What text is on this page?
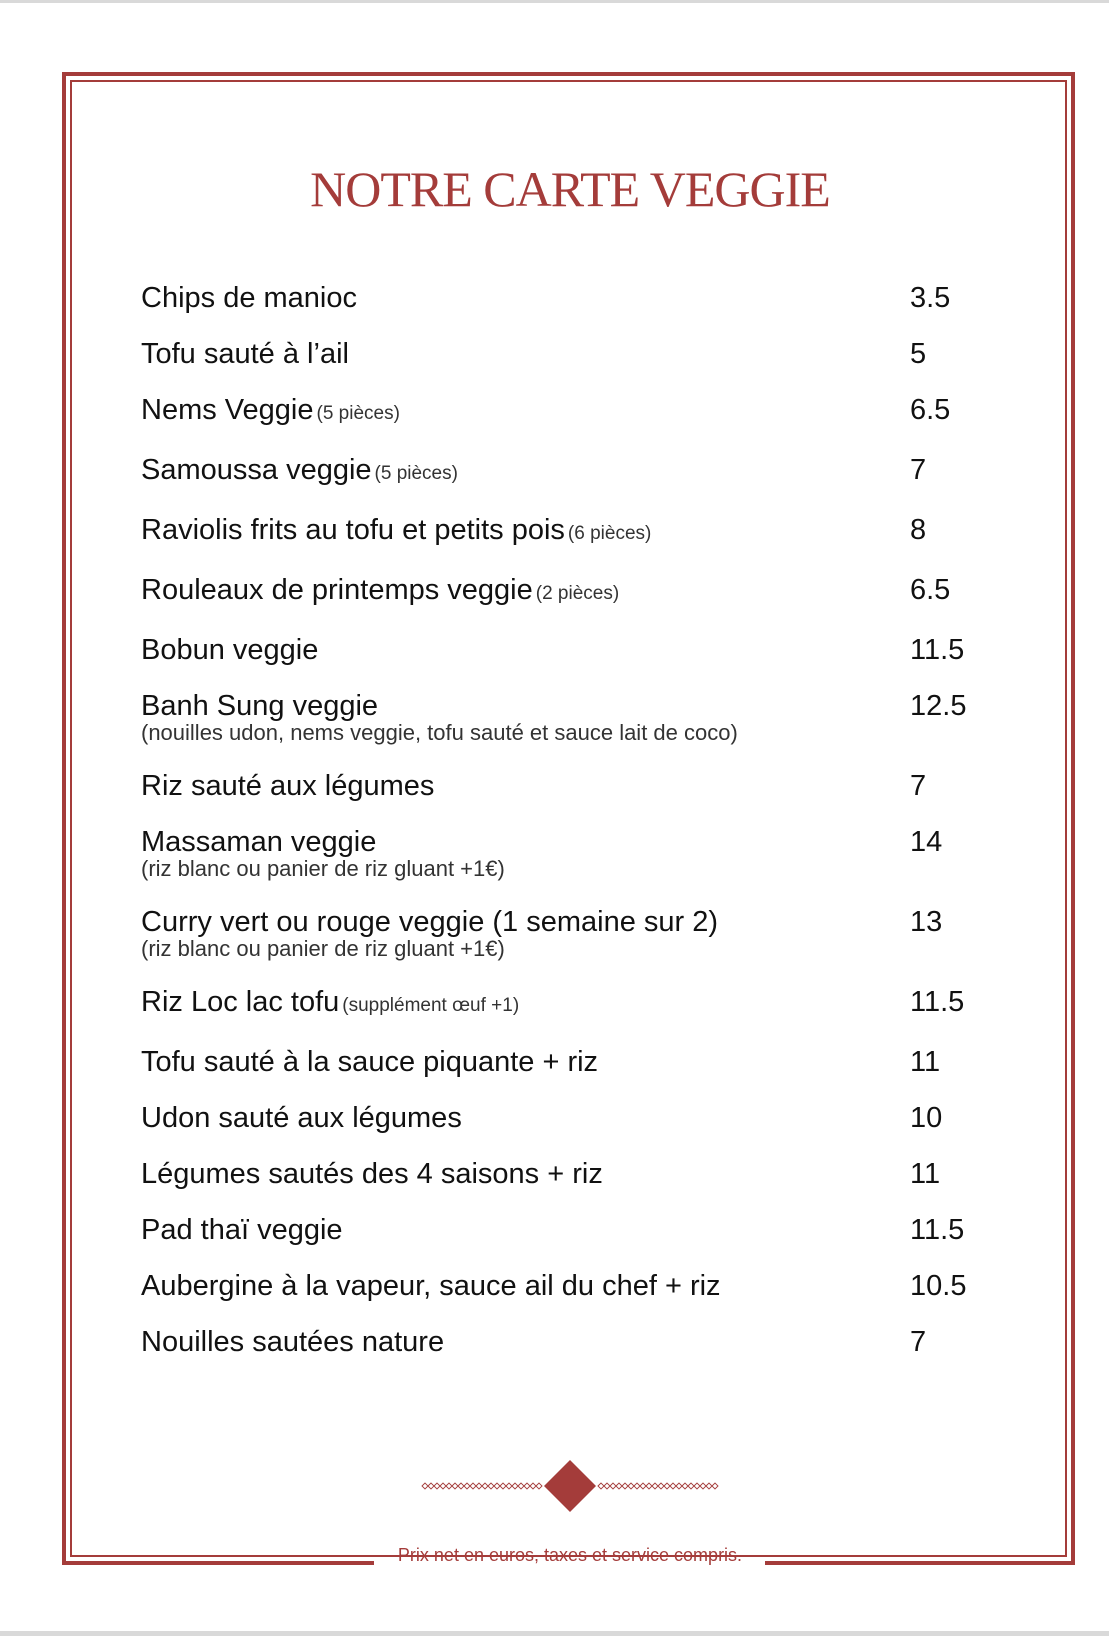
NOTRE CARTE VEGGIE
Chips de manioc	3.5
Tofu sauté à l’ail	5
Nems Veggie (5 pièces)	6.5
Samoussa veggie (5 pièces)	7
Raviolis frits au tofu et petits pois (6 pièces)	8
Rouleaux de printemps veggie (2 pièces)	6.5
Bobun veggie	11.5
Banh Sung veggie	12.5
(nouilles udon, nems veggie, tofu sauté et sauce lait de coco)
Riz sauté aux légumes	7
Massaman veggie	14
(riz blanc ou panier de riz gluant +1€)
Curry vert ou rouge veggie (1 semaine sur 2)	13
(riz blanc ou panier de riz gluant +1€)
Riz Loc lac tofu (supplément œuf +1)	11.5
Tofu sauté à la sauce piquante + riz	11
Udon sauté aux légumes	10
Légumes sautés des 4 saisons + riz	11
Pad thaï veggie	11.5
Aubergine à la vapeur, sauce ail du chef + riz	10.5
Nouilles sautées nature	7

Prix net en euros, taxes et service compris.
